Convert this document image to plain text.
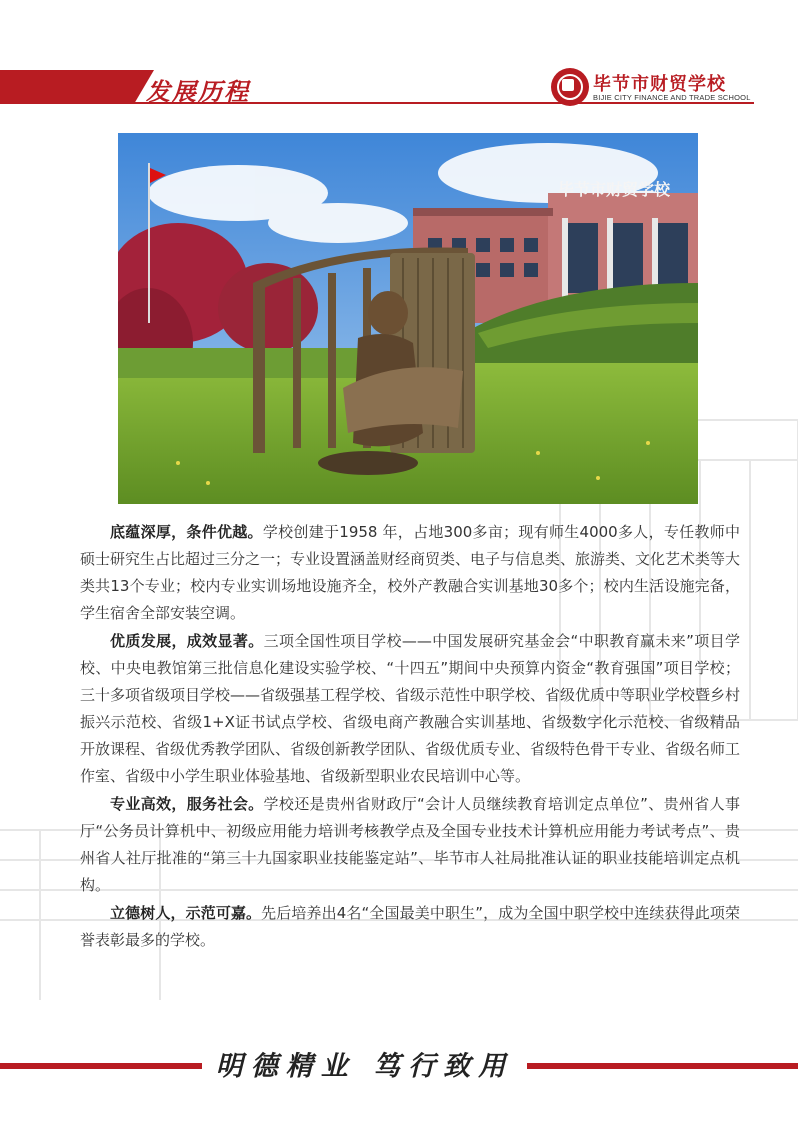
发展历程	毕节市财贸学校
BIJIE CITY FINANCE AND TRADE SCHOOL
毕节市财贸学校

底蕴深厚，条件优越。学校创建于1958 年，占地300多亩；现有师生4000多人，专任教师中硕士研究生占比超过三分之一；专业设置涵盖财经商贸类、电子与信息类、旅游类、文化艺术类等大类共13个专业；校内专业实训场地设施齐全，校外产教融合实训基地30多个；校内生活设施完备，学生宿舍全部安装空调。

优质发展，成效显著。三项全国性项目学校——中国发展研究基金会“中职教育赢未来”项目学校、中央电教馆第三批信息化建设实验学校、“十四五”期间中央预算内资金“教育强国”项目学校；三十多项省级项目学校——省级强基工程学校、省级示范性中职学校、省级优质中等职业学校暨乡村振兴示范校、省级1+X证书试点学校、省级电商产教融合实训基地、省级数字化示范校、省级精品开放课程、省级优秀教学团队、省级创新教学团队、省级优质专业、省级特色骨干专业、省级名师工作室、省级中小学生职业体验基地、省级新型职业农民培训中心等。

专业高效，服务社会。学校还是贵州省财政厅“会计人员继续教育培训定点单位”、贵州省人事厅“公务员计算机中、初级应用能力培训考核教学点及全国专业技术计算机应用能力考试考点”、贵州省人社厅批准的“第三十九国家职业技能鉴定站”、毕节市人社局批准认证的职业技能培训定点机构。

立德树人，示范可嘉。先后培养出4名“全国最美中职生”，成为全国中职学校中连续获得此项荣誉表彰最多的学校。

明德精业 笃行致用
